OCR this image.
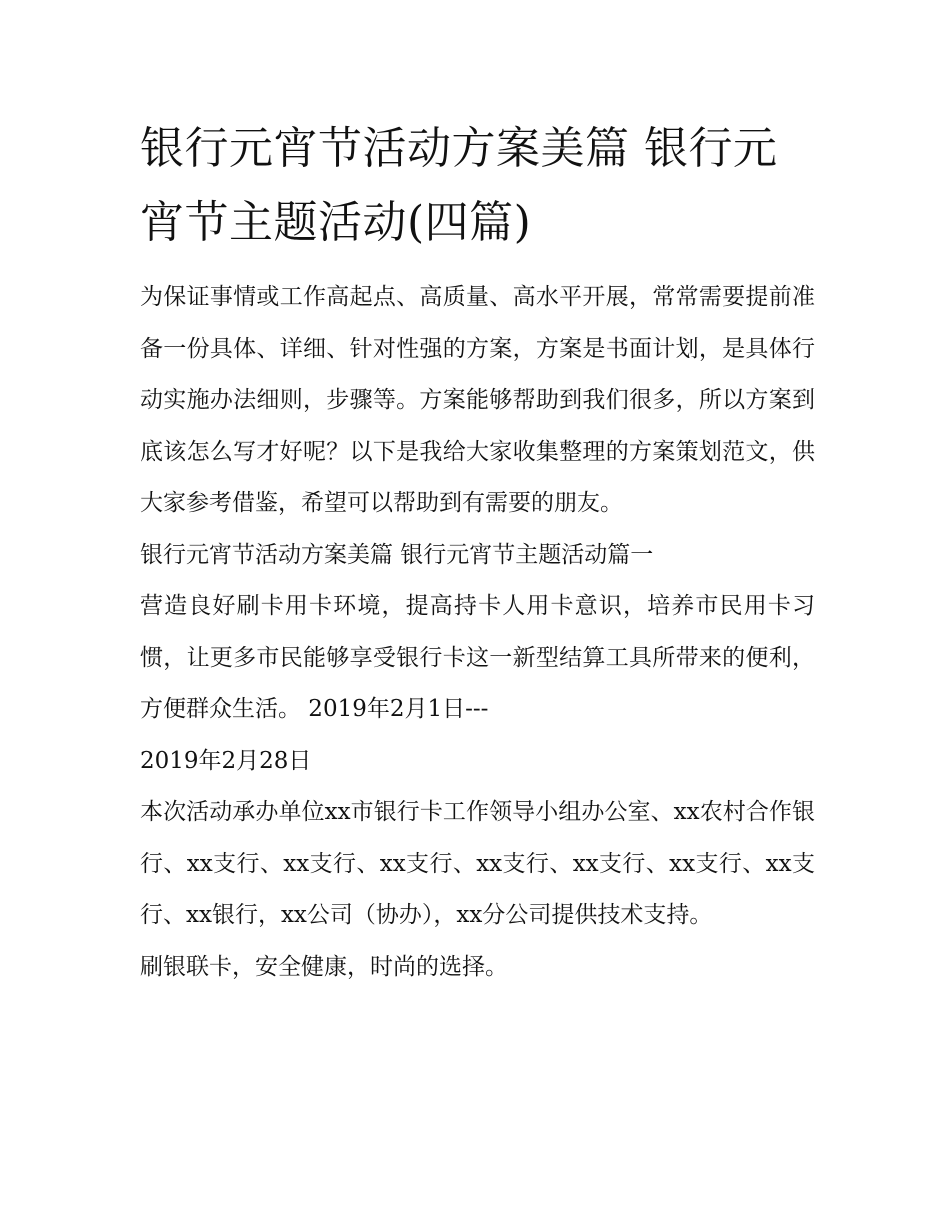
银行元宵节活动方案美篇 银行元宵节主题活动(四篇)

为保证事情或工作高起点、高质量、高水平开展，常常需要提前准备一份具体、详细、针对性强的方案，方案是书面计划，是具体行动实施办法细则，步骤等。方案能够帮助到我们很多，所以方案到底该怎么写才好呢？以下是我给大家收集整理的方案策划范文，供大家参考借鉴，希望可以帮助到有需要的朋友。

银行元宵节活动方案美篇 银行元宵节主题活动篇一

营造良好刷卡用卡环境，提高持卡人用卡意识，培养市民用卡习惯，让更多市民能够享受银行卡这一新型结算工具所带来的便利，方便群众生活。 2019年2月1日---

2019年2月28日

本次活动承办单位xx市银行卡工作领导小组办公室、xx农村合作银行、xx支行、xx支行、xx支行、xx支行、xx支行、xx支行、xx支行、xx银行，xx公司（协办），xx分公司提供技术支持。

刷银联卡，安全健康，时尚的选择。
